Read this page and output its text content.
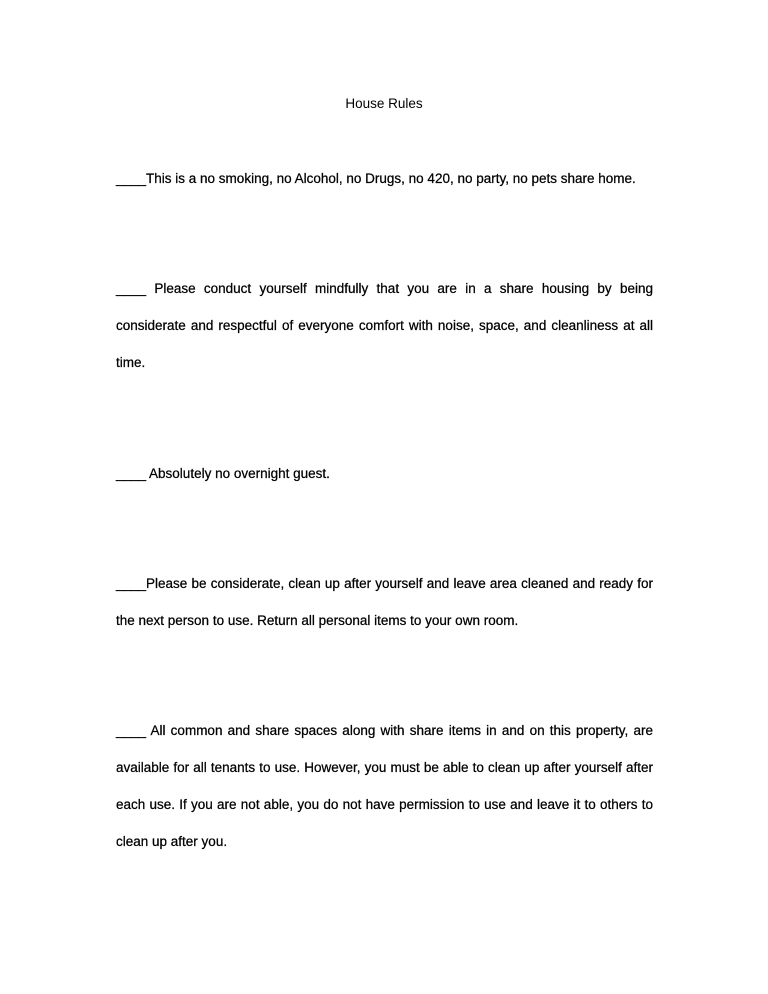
House Rules

____This is a no smoking, no Alcohol, no Drugs, no 420, no party, no pets share home.

____ Please conduct yourself mindfully that you are in a share housing by being considerate and respectful of everyone comfort with noise, space, and cleanliness at all time.

____ Absolutely no overnight guest.

____Please be considerate, clean up after yourself and leave area cleaned and ready for the next person to use. Return all personal items to your own room.

____ All common and share spaces along with share items in and on this property, are available for all tenants to use. However, you must be able to clean up after yourself after each use. If you are not able, you do not have permission to use and leave it to others to clean up after you.
